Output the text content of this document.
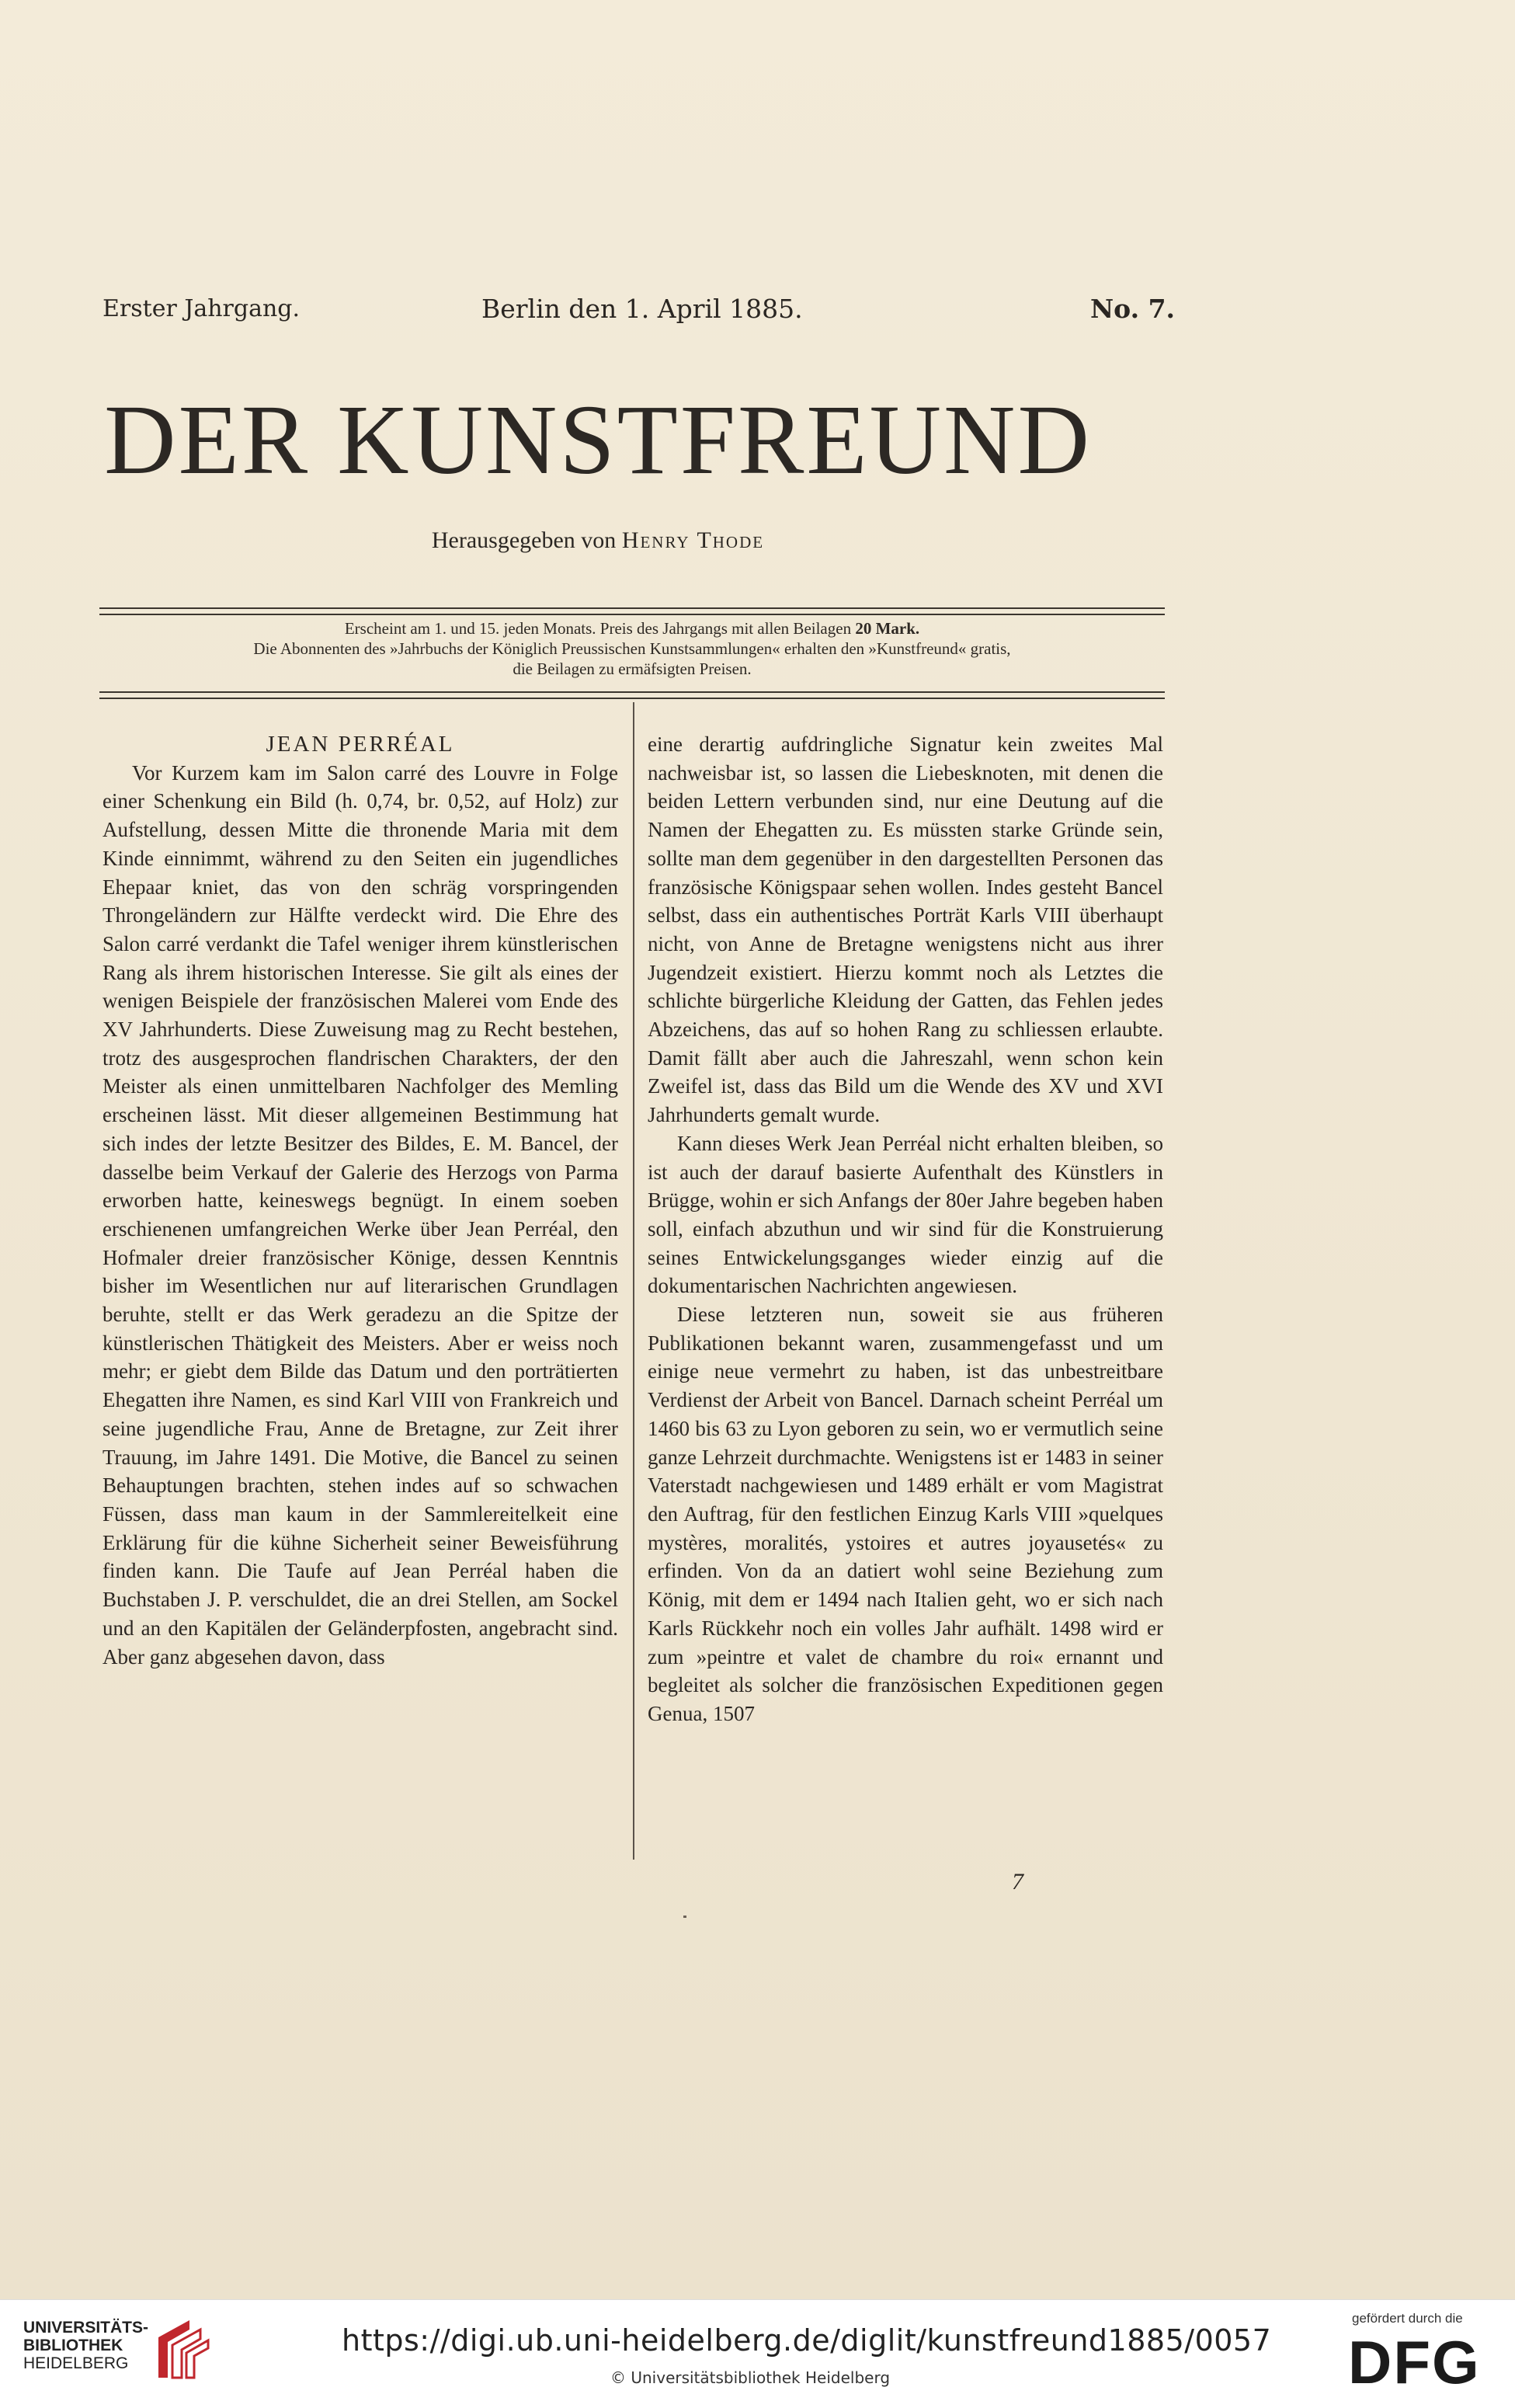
Erster Jahrgang.	Berlin den 1. April 1885.	No. 7.
DER KUNSTFREUND
Herausgegeben von Henry Thode
Erscheint am 1. und 15. jeden Monats. Preis des Jahrgangs mit allen Beilagen 20 Mark.
Die Abonnenten des »Jahrbuchs der Königlich Preussischen Kunstsammlungen« erhalten den »Kunstfreund« gratis,
die Beilagen zu ermäfsigten Preisen.

JEAN PERRÉAL

Vor Kurzem kam im Salon carré des Louvre in Folge einer Schenkung ein Bild (h. 0,74, br. 0,52, auf Holz) zur Aufstellung, dessen Mitte die thronende Maria mit dem Kinde einnimmt, während zu den Seiten ein jugendliches Ehepaar kniet, das von den schräg vorspringenden Throngeländern zur Hälfte verdeckt wird. Die Ehre des Salon carré verdankt die Tafel weniger ihrem künstlerischen Rang als ihrem historischen Interesse. Sie gilt als eines der wenigen Beispiele der französischen Malerei vom Ende des XV Jahrhunderts. Diese Zuweisung mag zu Recht bestehen, trotz des ausgesprochen flandrischen Charakters, der den Meister als einen unmittelbaren Nachfolger des Memling erscheinen lässt. Mit dieser allgemeinen Bestimmung hat sich indes der letzte Besitzer des Bildes, E. M. Bancel, der dasselbe beim Verkauf der Galerie des Herzogs von Parma erworben hatte, keineswegs begnügt. In einem soeben erschienenen umfangreichen Werke über Jean Perréal, den Hofmaler dreier französischer Könige, dessen Kenntnis bisher im Wesentlichen nur auf literarischen Grundlagen beruhte, stellt er das Werk geradezu an die Spitze der künstlerischen Thätigkeit des Meisters. Aber er weiss noch mehr; er giebt dem Bilde das Datum und den porträtierten Ehegatten ihre Namen, es sind Karl VIII von Frankreich und seine jugendliche Frau, Anne de Bretagne, zur Zeit ihrer Trauung, im Jahre 1491. Die Motive, die Bancel zu seinen Behauptungen brachten, stehen indes auf so schwachen Füssen, dass man kaum in der Sammlereitelkeit eine Erklärung für die kühne Sicherheit seiner Beweisführung finden kann. Die Taufe auf Jean Perréal haben die Buchstaben J. P. verschuldet, die an drei Stellen, am Sockel und an den Kapitälen der Geländerpfosten, angebracht sind. Aber ganz abgesehen davon, dass

eine derartig aufdringliche Signatur kein zweites Mal nachweisbar ist, so lassen die Liebesknoten, mit denen die beiden Lettern verbunden sind, nur eine Deutung auf die Namen der Ehegatten zu. Es müssten starke Gründe sein, sollte man dem gegenüber in den dargestellten Personen das französische Königspaar sehen wollen. Indes gesteht Bancel selbst, dass ein authentisches Porträt Karls VIII überhaupt nicht, von Anne de Bretagne wenigstens nicht aus ihrer Jugendzeit existiert. Hierzu kommt noch als Letztes die schlichte bürgerliche Kleidung der Gatten, das Fehlen jedes Abzeichens, das auf so hohen Rang zu schliessen erlaubte. Damit fällt aber auch die Jahreszahl, wenn schon kein Zweifel ist, dass das Bild um die Wende des XV und XVI Jahrhunderts gemalt wurde.

Kann dieses Werk Jean Perréal nicht erhalten bleiben, so ist auch der darauf basierte Aufenthalt des Künstlers in Brügge, wohin er sich Anfangs der 80er Jahre begeben haben soll, einfach abzuthun und wir sind für die Konstruierung seines Entwickelungsganges wieder einzig auf die dokumentarischen Nachrichten angewiesen.

Diese letzteren nun, soweit sie aus früheren Publikationen bekannt waren, zusammengefasst und um einige neue vermehrt zu haben, ist das unbestreitbare Verdienst der Arbeit von Bancel. Darnach scheint Perréal um 1460 bis 63 zu Lyon geboren zu sein, wo er vermutlich seine ganze Lehrzeit durchmachte. Wenigstens ist er 1483 in seiner Vaterstadt nachgewiesen und 1489 erhält er vom Magistrat den Auftrag, für den festlichen Einzug Karls VIII »quelques mystères, moralités, ystoires et autres joyausetés« zu erfinden. Von da an datiert wohl seine Beziehung zum König, mit dem er 1494 nach Italien geht, wo er sich nach Karls Rückkehr noch ein volles Jahr aufhält. 1498 wird er zum »peintre et valet de chambre du roi« ernannt und begleitet als solcher die französischen Expeditionen gegen Genua, 1507

7
UNIVERSITÄTS-
BIBLIOTHEK
HEIDELBERG
https://digi.ub.uni-heidelberg.de/diglit/kunstfreund1885/0057
© Universitätsbibliothek Heidelberg
gefördert durch die
DFG
